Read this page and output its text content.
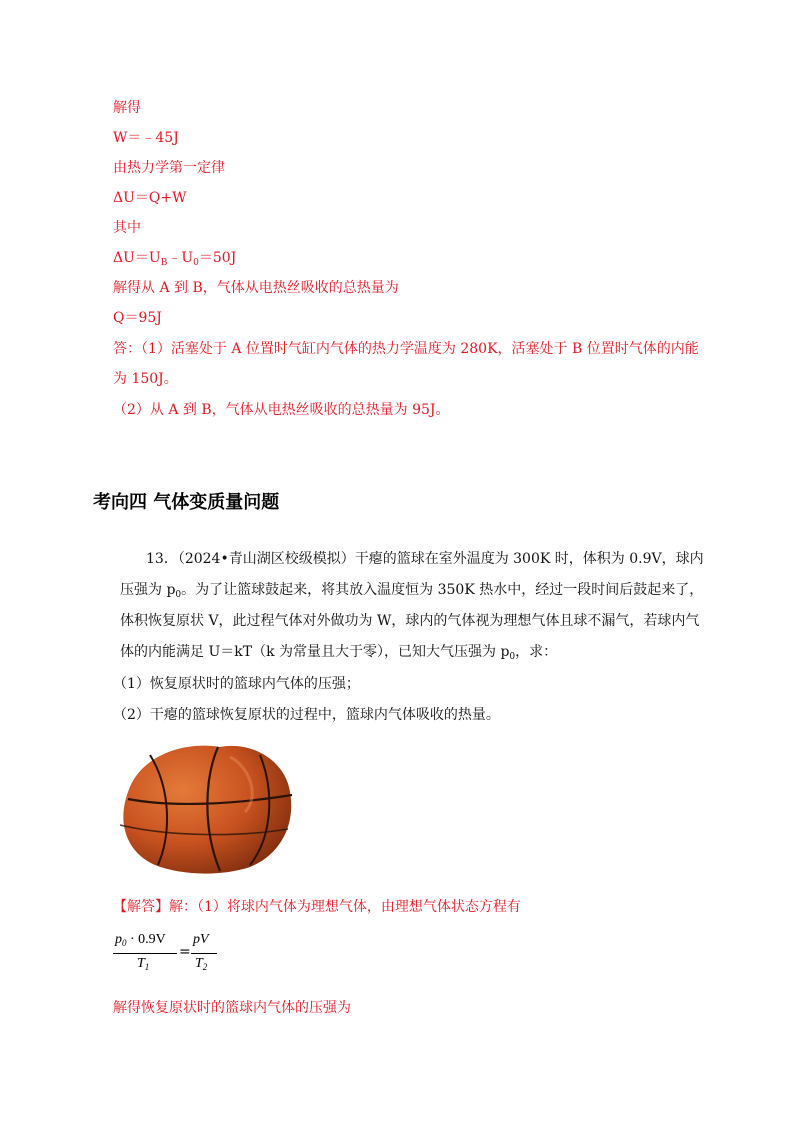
解得
W＝﹣45J
由热力学第一定律
ΔU＝Q+W
其中
$\Delta U=U_B﹣U_0=50J$
解得从 A 到 B，气体从电热丝吸收的总热量为
Q＝95J
答：（1）活塞处于 A 位置时气缸内气体的热力学温度为 280K，活塞处于 B 位置时气体的内能
为 150J。
（2）从 A 到 B，气体从电热丝吸收的总热量为 95J。
考向四 气体变质量问题
13．（2024•青山湖区校级模拟）干瘪的篮球在室外温度为 300K 时，体积为 0.9V，球内
压强为 $p_0$。为了让篮球鼓起来，将其放入温度恒为 350K 热水中，经过一段时间后鼓起来了，
体积恢复原状 V，此过程气体对外做功为 W，球内的气体视为理想气体且球不漏气，若球内气
体的内能满足 U＝kT（k 为常量且大于零），已知大气压强为 $p_0$，求：
（1）恢复原状时的篮球内气体的压强；
（2）干瘪的篮球恢复原状的过程中，篮球内气体吸收的热量。
【解答】解：（1）将球内气体为理想气体，由理想气体状态方程有
$p_0 \cdot 0.9V$
$T_1$
=
pV
$T_2$
解得恢复原状时的篮球内气体的压强为
